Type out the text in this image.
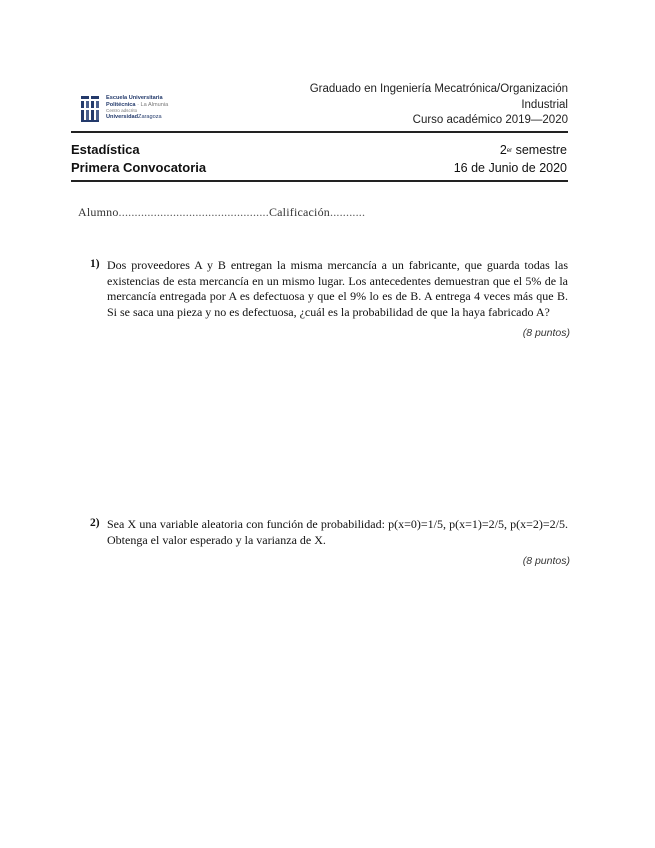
Escuela Universitaria
Politécnica · La Almunia
Centro adscrito
UniversidadZaragoza
Graduado en Ingeniería Mecatrónica/Organización
Industrial
Curso académico 2019—2020
Estadística
Primera Convocatoria
2er semestre
16 de Junio de 2020
Alumno...............................................Calificación...........
1) Dos proveedores A y B entregan la misma mercancía a un fabricante, que guarda todas las existencias de esta mercancía en un mismo lugar. Los antecedentes demuestran que el 5% de la mercancía entregada por A es defectuosa y que el 9% lo es de B. A entrega 4 veces más que B. Si se saca una pieza y no es defectuosa, ¿cuál es la probabilidad de que la haya fabricado A?
(8 puntos)
2) Sea X una variable aleatoria con función de probabilidad: p(x=0)=1/5, p(x=1)=2/5, p(x=2)=2/5. Obtenga el valor esperado y la varianza de X.
(8 puntos)
